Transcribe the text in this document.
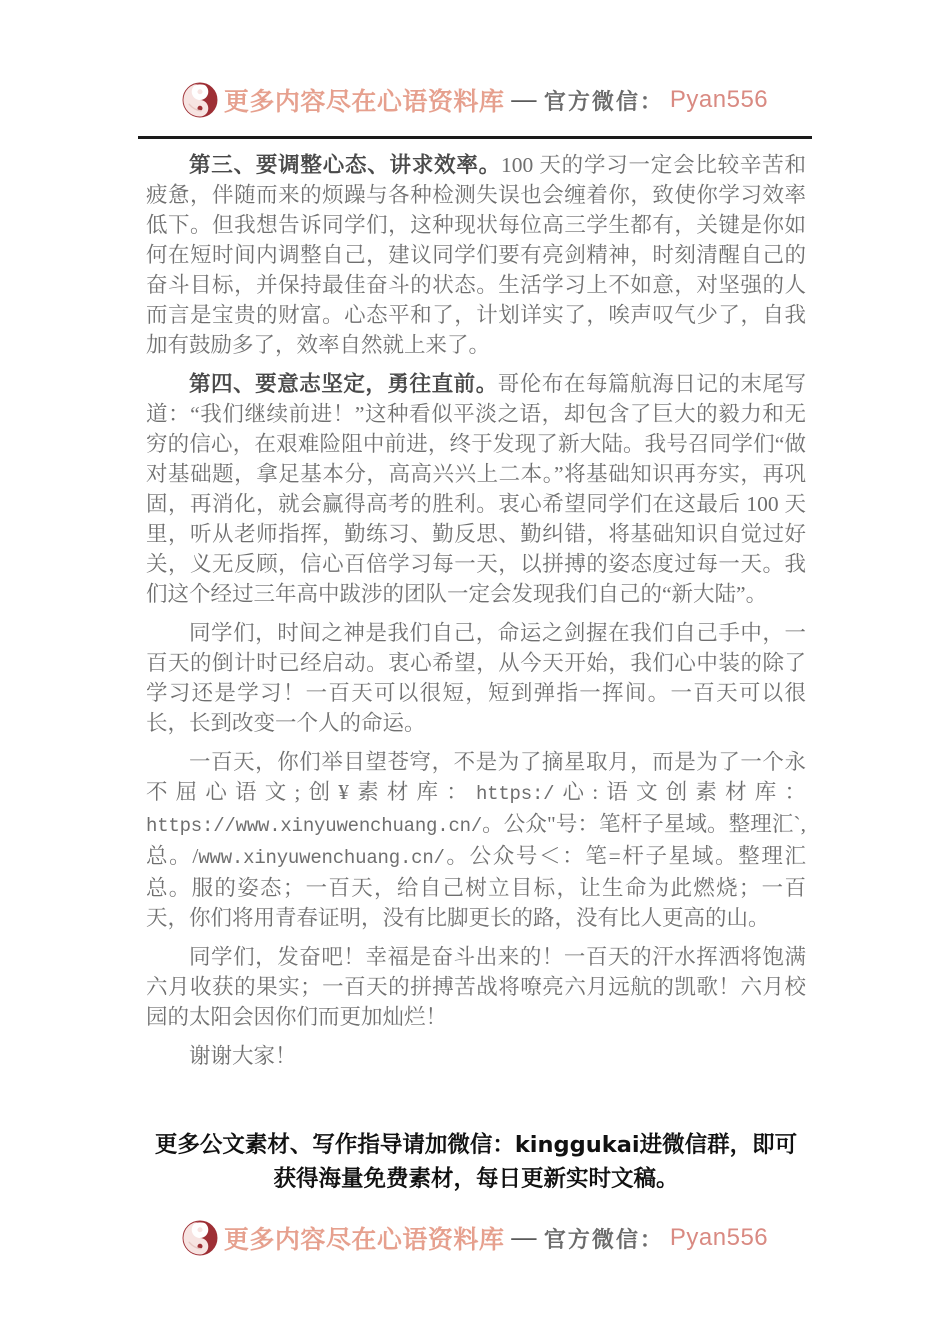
更多内容尽在心语资料库 — 官方微信： Pyan556

第三、要调整心态、讲求效率。100 天的学习一定会比较辛苦和疲惫，伴随而来的烦躁与各种检测失误也会缠着你，致使你学习效率低下。但我想告诉同学们，这种现状每位高三学生都有，关键是你如何在短时间内调整自己，建议同学们要有亮剑精神，时刻清醒自己的奋斗目标，并保持最佳奋斗的状态。生活学习上不如意，对坚强的人而言是宝贵的财富。心态平和了，计划详实了，唉声叹气少了，自我加有鼓励多了，效率自然就上来了。

第四、要意志坚定，勇往直前。哥伦布在每篇航海日记的末尾写道：“我们继续前进！”这种看似平淡之语，却包含了巨大的毅力和无穷的信心，在艰难险阻中前进，终于发现了新大陆。我号召同学们“做对基础题，拿足基本分，高高兴兴上二本。”将基础知识再夯实，再巩固，再消化，就会赢得高考的胜利。衷心希望同学们在这最后 100 天里，听从老师指挥，勤练习、勤反思、勤纠错，将基础知识自觉过好关，义无反顾，信心百倍学习每一天，以拼搏的姿态度过每一天。我们这个经过三年高中跋涉的团队一定会发现我们自己的“新大陆”。

同学们，时间之神是我们自己，命运之剑握在我们自己手中，一百天的倒计时已经启动。衷心希望，从今天开始，我们心中装的除了学习还是学习！一百天可以很短，短到弹指一挥间。一百天可以很长，长到改变一个人的命运。

一百天，你们举目望苍穹，不是为了摘星取月，而是为了一个永不屈心语文;创¥素材库：https:/心:语文创素材库：https://www.xinyuwenchuang.cn/。公众"号：笔杆子星域。整理汇`,总。/www.xinyuwenchuang.cn/。公众号＜：笔=杆子星域。整理汇总。服的姿态；一百天，给自己树立目标，让生命为此燃烧；一百天，你们将用青春证明，没有比脚更长的路，没有比人更高的山。

同学们，发奋吧！幸福是奋斗出来的！一百天的汗水挥洒将饱满六月收获的果实；一百天的拼搏苦战将嘹亮六月远航的凯歌！六月校园的太阳会因你们而更加灿烂！

谢谢大家！

更多公文素材、写作指导请加微信：kinggukai进微信群，即可
获得海量免费素材，每日更新实时文稿。
更多内容尽在心语资料库 — 官方微信： Pyan556
